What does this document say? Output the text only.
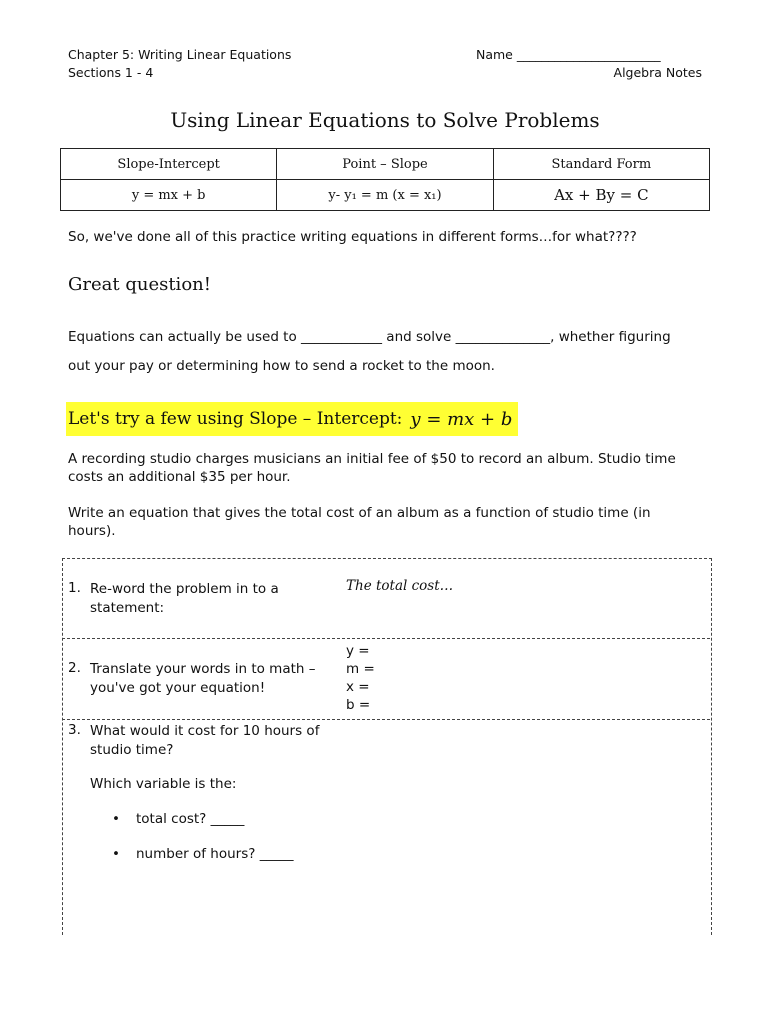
Chapter 5: Writing Linear Equations
Sections 1 - 4
Name _______________________
Algebra Notes
Using Linear Equations to Solve Problems
Slope-Intercept	Point – Slope	Standard Form
y = mx + b	y- y₁ = m (x = x₁)	Ax + By = C
So, we've done all of this practice writing equations in different forms…for what????
Great question!
Equations can actually be used to ____________ and solve ______________, whether figuring
out your pay or determining how to send a rocket to the moon.
Let's try a few using Slope – Intercept: y = mx + b
A recording studio charges musicians an initial fee of $50 to record an album. Studio time
costs an additional $35 per hour.
Write an equation that gives the total cost of an album as a function of studio time (in
hours).
1. Re-word the problem in to a
statement:
The total cost…
2. Translate your words in to math –
you've got your equation!
y =
m =
x =
b =
3. What would it cost for 10 hours of
studio time?
Which variable is the:
• total cost? _____
• number of hours? _____
